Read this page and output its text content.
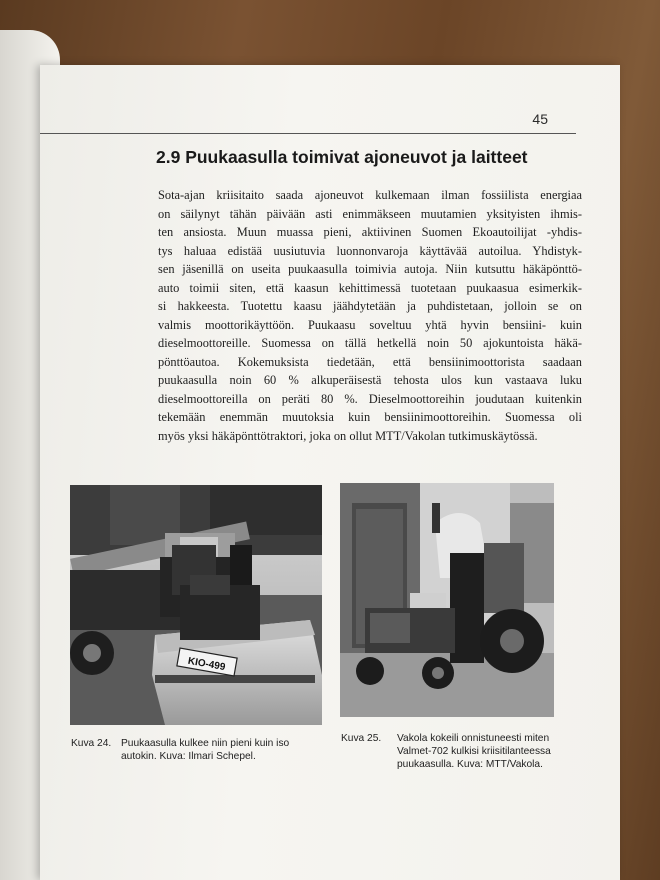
45
2.9 Puukaasulla toimivat ajoneuvot ja laitteet

Sota-ajan kriisitaito saada ajoneuvot kulkemaan ilman fossiilista energiaa
on säilynyt tähän päivään asti enimmäkseen muutamien yksityisten ihmis-
ten ansiosta. Muun muassa pieni, aktiivinen Suomen Ekoautoilijat -yhdis-
tys haluaa edistää uusiutuvia luonnonvaroja käyttävää autoilua. Yhdistyk-
sen jäsenillä on useita puukaasulla toimivia autoja. Niin kutsuttu häkäpönttö-
auto toimii siten, että kaasun kehittimessä tuotetaan puukaasua esimerkik-
si hakkeesta. Tuotettu kaasu jäähdytetään ja puhdistetaan, jolloin se on
valmis moottorikäyttöön. Puukaasu soveltuu yhtä hyvin bensiini- kuin
dieselmoottoreille. Suomessa on tällä hetkellä noin 50 ajokuntoista häkä-
pönttöautoa. Kokemuksista tiedetään, että bensiinimoottorista saadaan
puukaasulla noin 60 % alkuperäisestä tehosta ulos kun vastaava luku
dieselmoottoreilla on peräti 80 %. Dieselmoottoreihin joudutaan kuitenkin
tekemään enemmän muutoksia kuin bensiinimoottoreihin. Suomessa oli
myös yksi häkäpönttötraktori, joka on ollut MTT/Vakolan tutkimuskäytössä.

KIO-499
Kuva 24. Puukaasulla kulkee niin pieni kuin iso
autokin. Kuva: Ilmari Schepel.
Kuva 25. Vakola kokeili onnistuneesti miten
Valmet-702 kulkisi kriisitilanteessa
puukaasulla. Kuva: MTT/Vakola.
